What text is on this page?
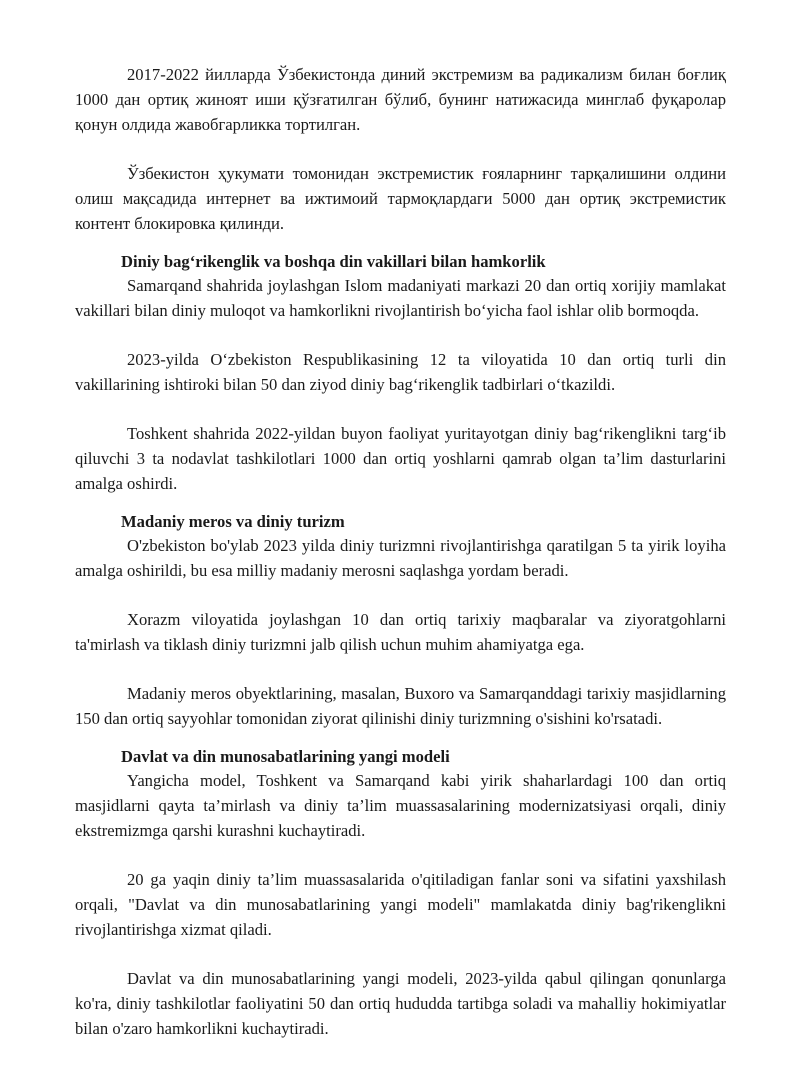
2017-2022 йилларда Ўзбекистонда диний экстремизм ва радикализм билан боғлиқ 1000 дан ортиқ жиноят иши қўзғатилган бўлиб, бунинг натижасида минглаб фуқаролар қонун олдида жавобгарликка тортилган.

Ўзбекистон ҳукумати томонидан экстремистик ғояларнинг тарқалишини олдини олиш мақсадида интернет ва ижтимоий тармоқлардаги 5000 дан ортиқ экстремистик контент блокировка қилинди.

Diniy bag‘rikenglik va boshqa din vakillari bilan hamkorlik

Samarqand shahrida joylashgan Islom madaniyati markazi 20 dan ortiq xorijiy mamlakat vakillari bilan diniy muloqot va hamkorlikni rivojlantirish bo‘yicha faol ishlar olib bormoqda.

2023-yilda O‘zbekiston Respublikasining 12 ta viloyatida 10 dan ortiq turli din vakillarining ishtiroki bilan 50 dan ziyod diniy bag‘rikenglik tadbirlari o‘tkazildi.

Toshkent shahrida 2022-yildan buyon faoliyat yuritayotgan diniy bag‘rikenglikni targ‘ib qiluvchi 3 ta nodavlat tashkilotlari 1000 dan ortiq yoshlarni qamrab olgan ta’lim dasturlarini amalga oshirdi.

Madaniy meros va diniy turizm

O'zbekiston bo'ylab 2023 yilda diniy turizmni rivojlantirishga qaratilgan 5 ta yirik loyiha amalga oshirildi, bu esa milliy madaniy merosni saqlashga yordam beradi.

Xorazm viloyatida joylashgan 10 dan ortiq tarixiy maqbaralar va ziyoratgohlarni ta'mirlash va tiklash diniy turizmni jalb qilish uchun muhim ahamiyatga ega.

Madaniy meros obyektlarining, masalan, Buxoro va Samarqanddagi tarixiy masjidlarning 150 dan ortiq sayyohlar tomonidan ziyorat qilinishi diniy turizmning o'sishini ko'rsatadi.

Davlat va din munosabatlarining yangi modeli

Yangicha model, Toshkent va Samarqand kabi yirik shaharlardagi 100 dan ortiq masjidlarni qayta ta’mirlash va diniy ta’lim muassasalarining modernizatsiyasi orqali, diniy ekstremizmga qarshi kurashni kuchaytiradi.

20 ga yaqin diniy ta’lim muassasalarida o'qitiladigan fanlar soni va sifatini yaxshilash orqali, "Davlat va din munosabatlarining yangi modeli" mamlakatda diniy bag'rikenglikni rivojlantirishga xizmat qiladi.

Davlat va din munosabatlarining yangi modeli, 2023-yilda qabul qilingan qonunlarga ko'ra, diniy tashkilotlar faoliyatini 50 dan ortiq hududda tartibga soladi va mahalliy hokimiyatlar bilan o'zaro hamkorlikni kuchaytiradi.
